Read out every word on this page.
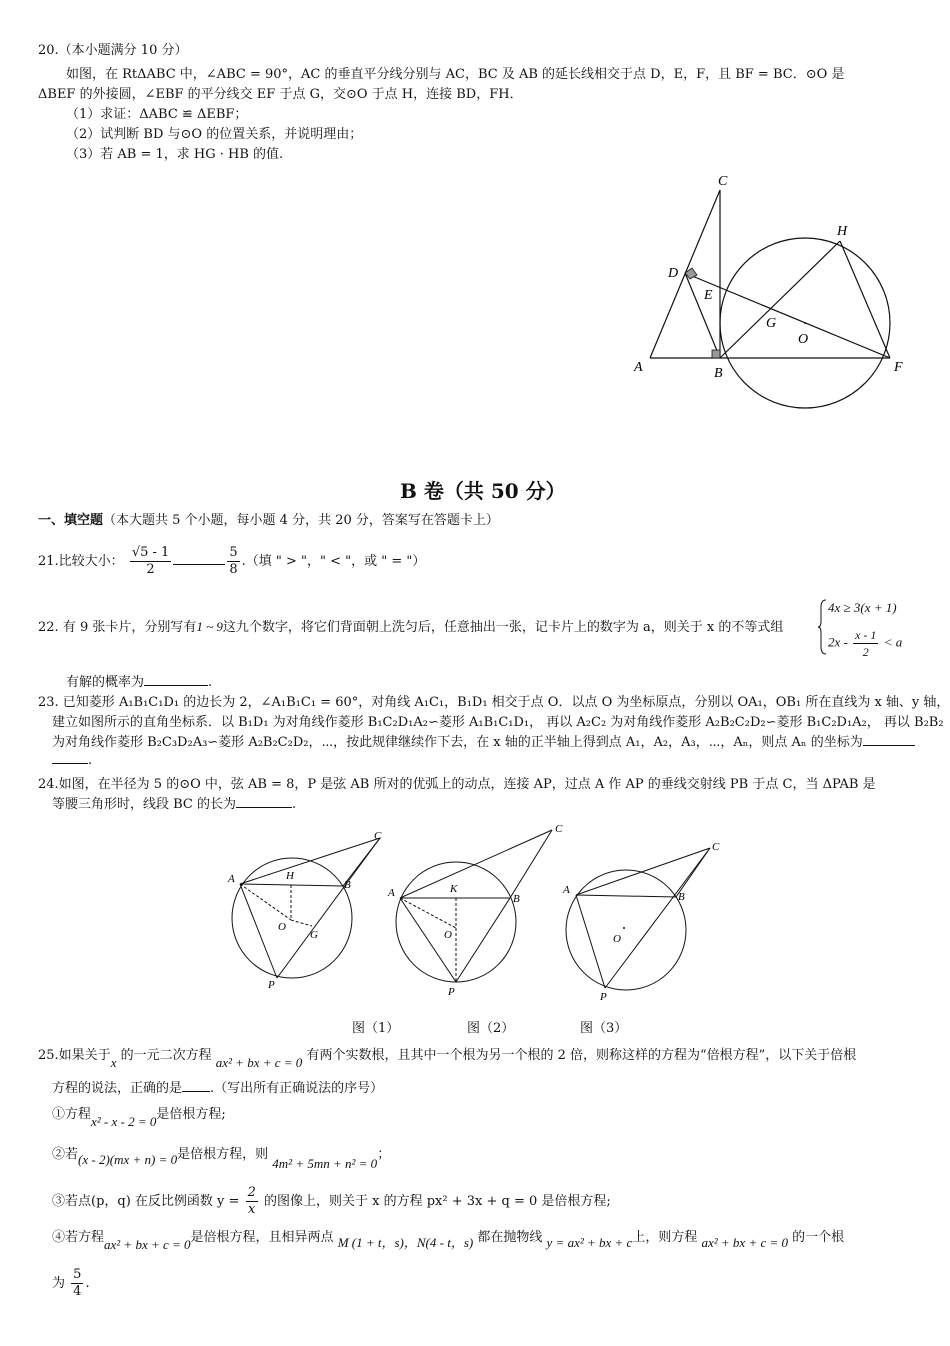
20.（本小题满分 10 分）
如图，在 RtΔABC 中，∠ABC = 90°，AC 的垂直平分线分别与 AC，BC 及 AB 的延长线相交于点 D，E，F，且 BF = BC．⊙O 是
ΔBEF 的外接圆，∠EBF 的平分线交 EF 于点 G，交⊙O 于点 H，连接 BD，FH．
（1）求证：ΔABC ≌ ΔEBF；
（2）试判断 BD 与⊙O 的位置关系，并说明理由；
（3）若 AB = 1，求 HG · HB 的值.
C
D
E
H
G
O
A	B	F
B 卷（共 50 分）
一、填空题（本大题共 5 个小题，每小题 4 分，共 20 分，答案写在答题卡上）
21.比较大小： $\frac{√5 - 1}{2}$	$\frac{5}{8}$ .（填 " > "，" < "，或 " = "）
22. 有 9 张卡片，分别写有1 ~ 9这九个数字，将它们背面朝上洗匀后，任意抽出一张，记卡片上的数字为 a，则关于 x 的不等式组
4x ≥ 3(x + 1)
$2x - \frac{x - 1}{2} < a$
有解的概率为	.
23. 已知菱形 A₁B₁C₁D₁ 的边长为 2，∠A₁B₁C₁ = 60°，对角线 A₁C₁，B₁D₁ 相交于点 O．以点 O 为坐标原点，分别以 OA₁，OB₁ 所在直线为 x 轴、y 轴，
建立如图所示的直角坐标系．以 B₁D₁ 为对角线作菱形 B₁C₂D₁A₂∽菱形 A₁B₁C₁D₁， 再以 A₂C₂ 为对角线作菱形 A₂B₂C₂D₂∽菱形 B₁C₂D₁A₂， 再以 B₂B₂
为对角线作菱形 B₂C₃D₂A₃∽菱形 A₂B₂C₂D₂，⋯，按此规律继续作下去，在 x 轴的正半轴上得到点 A₁，A₂，A₃，⋯，Aₙ，则点 Aₙ 的坐标为
.
24.如图，在半径为 5 的⊙O 中，弦 AB = 8，P 是弦 AB 所对的优弧上的动点，连接 AP，过点 A 作 AP 的垂线交射线 PB 于点 C，当 ΔPAB 是
等腰三角形时，线段 BC 的长为	.
C
A	H
B
O
G
P
C
A	K
B
O
P
C
A
B
O
P
图（1）	图（2）	图（3）
25.如果关于x 的一元二次方程 ax² + bx + c = 0 有两个实数根，且其中一个根为另一个根的 2 倍，则称这样的方程为“倍根方程”，以下关于倍根
方程的说法，正确的是 .（写出所有正确说法的序号）
①方程x² - x - 2 = 0是倍根方程;
②若(x - 2)(mx + n) = 0是倍根方程，则 4m² + 5mn + n² = 0；
③若点(p，q) 在反比例函数 $y = \frac{2}{x}$ 的图像上，则关于 x 的方程 px² + 3x + q = 0 是倍根方程;
④若方程ax² + bx + c = 0是倍根方程，且相异两点 M (1 + t，s)，N(4 - t，s) 都在抛物线 y = ax² + bx + c上，则方程 ax² + bx + c = 0 的一个根
为 $\frac{5}{4}$ .
